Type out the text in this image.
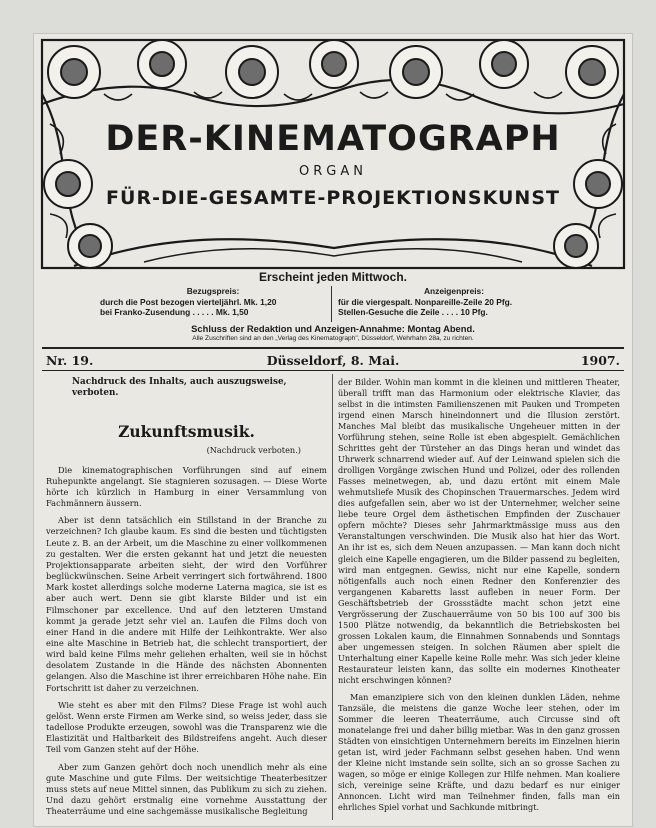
DER-KINEMATOGRAPH
ORGAN
FÜR-DIE-GESAMTE-PROJEKTIONSKUNST
Erscheint jeden Mittwoch.
Bezugspreis:
durch die Post bezogen vierteljährl. Mk. 1,20
bei Franko-Zusendung . . . . . Mk. 1,50
Anzeigenpreis:
für die viergespalt. Nonpareille-Zeile 20 Pfg.
Stellen-Gesuche die Zeile . . . . 10 Pfg.
Schluss der Redaktion und Anzeigen-Annahme: Montag Abend.
Alle Zuschriften sind an den „Verlag des Kinematograph", Düsseldorf, Wehrhahn 28a, zu richten.
Nr. 19.	Düsseldorf, 8. Mai.	1907.

Nachdruck des Inhalts, auch auszugsweise, verboten.

Zukunftsmusik.

(Nachdruck verboten.)

Die kinematographischen Vorführungen sind auf einem Ruhepunkte angelangt. Sie stagnieren sozusagen. — Diese Worte hörte ich kürzlich in Hamburg in einer Versammlung von Fachmännern äussern.

Aber ist denn tatsächlich ein Stillstand in der Branche zu verzeichnen? Ich glaube kaum. Es sind die besten und tüchtigsten Leute z. B. an der Arbeit, um die Maschine zu einer vollkommenen zu gestalten. Wer die ersten gekannt hat und jetzt die neuesten Projektionsapparate arbeiten sieht, der wird den Vorführer beglückwünschen. Seine Arbeit verringert sich fortwährend. 1800 Mark kostet allerdings solche moderne Laterna magica, sie ist es aber auch wert. Denn sie gibt klarste Bilder und ist ein Filmschoner par excellence. Und auf den letzteren Umstand kommt ja gerade jetzt sehr viel an. Laufen die Films doch von einer Hand in die andere mit Hilfe der Leihkontrakte. Wer also eine alte Maschine in Betrieb hat, die schlecht transportiert, der wird bald keine Films mehr geliehen erhalten, weil sie in höchst desolatem Zustande in die Hände des nächsten Abonnenten gelangen. Also die Maschine ist ihrer erreichbaren Höhe nahe. Ein Fortschritt ist daher zu verzeichnen.

Wie steht es aber mit den Films? Diese Frage ist wohl auch gelöst. Wenn erste Firmen am Werke sind, so weiss jeder, dass sie tadellose Produkte erzeugen, sowohl was die Transparenz wie die Elastizität und Haltbarkeit des Bildstreifens angeht. Auch dieser Teil vom Ganzen steht auf der Höhe.

Aber zum Ganzen gehört doch noch unendlich mehr als eine gute Maschine und gute Films. Der weitsichtige Theaterbesitzer muss stets auf neue Mittel sinnen, das Publikum zu sich zu ziehen. Und dazu gehört erstmalig eine vornehme Ausstattung der Theaterräume und eine sachgemässe musikalische Begleitung

der Bilder. Wohin man kommt in die kleinen und mittleren Theater, überall trifft man das Harmonium oder elektrische Klavier, das selbst in die intimsten Familienszenen mit Pauken und Trompeten irgend einen Marsch hineindonnert und die Illusion zerstört. Manches Mal bleibt das musikalische Ungeheuer mitten in der Vorführung stehen, seine Rolle ist eben abgespielt. Gemächlichen Schrittes geht der Türsteher an das Dings heran und windet das Uhrwerk schnarrend wieder auf. Auf der Leinwand spielen sich die drolligen Vorgänge zwischen Hund und Polizei, oder des rollenden Fasses meinetwegen, ab, und dazu ertönt mit einem Male wehmutsliefe Musik des Chopinschen Trauermarsches. Jedem wird dies aufgefallen sein, aber wo ist der Unternehmer, welcher seine liebe teure Orgel dem ästhetischen Empfinden der Zuschauer opfern möchte? Dieses sehr Jahrmarktmässige muss aus den Veranstaltungen verschwinden. Die Musik also hat hier das Wort. An ihr ist es, sich dem Neuen anzupassen. — Man kann doch nicht gleich eine Kapelle engagieren, um die Bilder passend zu begleiten, wird man entgegnen. Gewiss, nicht nur eine Kapelle, sondern nötigenfalls auch noch einen Redner den Konferenzier des vergangenen Kabaretts lasst aufleben in neuer Form. Der Geschäftsbetrieb der Grossstädte macht schon jetzt eine Vergrösserung der Zuschauerräume von 50 bis 100 auf 300 bis 1500 Plätze notwendig, da bekanntlich die Betriebskosten bei grossen Lokalen kaum, die Einnahmen Sonnabends und Sonntags aber ungemessen steigen. In solchen Räumen aber spielt die Unterhaltung einer Kapelle keine Rolle mehr. Was sich jeder kleine Restaurateur leisten kann, das sollte ein modernes Kinotheater nicht erschwingen können?

Man emanzipiere sich von den kleinen dunklen Läden, nehme Tanzsäle, die meistens die ganze Woche leer stehen, oder im Sommer die leeren Theaterräume, auch Circusse sind oft monatelange frei und daher billig mietbar. Was in den ganz grossen Städten von einsichtigen Unternehmern bereits im Einzelnen hierin getan ist, wird jeder Fachmann selbst gesehen haben. Und wenn der Kleine nicht imstande sein sollte, sich an so grosse Sachen zu wagen, so möge er einige Kollegen zur Hilfe nehmen. Man koaliere sich, vereinige seine Kräfte, und dazu bedarf es nur einiger Annoncen. Licht wird man Teilnehmer finden, falls man ein ehrliches Spiel vorhat und Sachkunde mitbringt.
